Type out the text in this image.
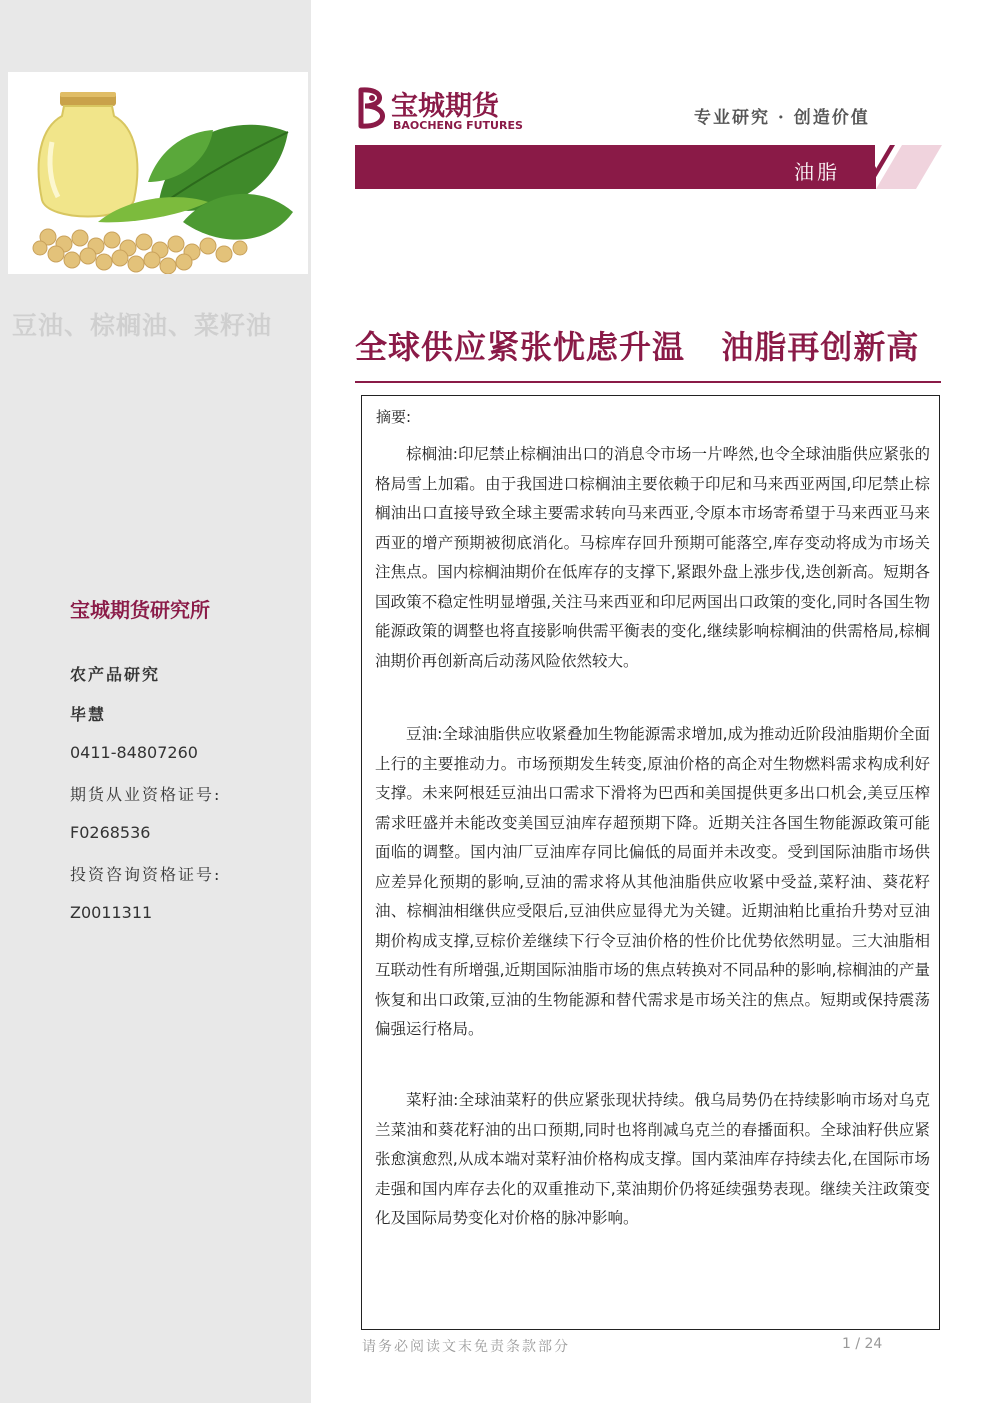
豆油、棕榈油、菜籽油
宝城期货研究所
农产品研究
毕慧
0411-84807260
期货从业资格证号:
F0268536
投资咨询资格证号:
Z0011311
宝城期货
BAOCHENG FUTURES	专业研究 · 创造价值
油脂
全球供应紧张忧虑升温   油脂再创新高
摘要:
棕榈油:印尼禁止棕榈油出口的消息令市场一片哗然,也令全球油脂供应紧张的格局雪上加霜。由于我国进口棕榈油主要依赖于印尼和马来西亚两国,印尼禁止棕榈油出口直接导致全球主要需求转向马来西亚,令原本市场寄希望于马来西亚马来西亚的增产预期被彻底消化。马棕库存回升预期可能落空,库存变动将成为市场关注焦点。国内棕榈油期价在低库存的支撑下,紧跟外盘上涨步伐,迭创新高。短期各国政策不稳定性明显增强,关注马来西亚和印尼两国出口政策的变化,同时各国生物能源政策的调整也将直接影响供需平衡表的变化,继续影响棕榈油的供需格局,棕榈油期价再创新高后动荡风险依然较大。
豆油:全球油脂供应收紧叠加生物能源需求增加,成为推动近阶段油脂期价全面上行的主要推动力。市场预期发生转变,原油价格的高企对生物燃料需求构成利好支撑。未来阿根廷豆油出口需求下滑将为巴西和美国提供更多出口机会,美豆压榨需求旺盛并未能改变美国豆油库存超预期下降。近期关注各国生物能源政策可能面临的调整。国内油厂豆油库存同比偏低的局面并未改变。受到国际油脂市场供应差异化预期的影响,豆油的需求将从其他油脂供应收紧中受益,菜籽油、葵花籽油、棕榈油相继供应受限后,豆油供应显得尤为关键。近期油粕比重抬升势对豆油期价构成支撑,豆棕价差继续下行令豆油价格的性价比优势依然明显。三大油脂相互联动性有所增强,近期国际油脂市场的焦点转换对不同品种的影响,棕榈油的产量恢复和出口政策,豆油的生物能源和替代需求是市场关注的焦点。短期或保持震荡偏强运行格局。
菜籽油:全球油菜籽的供应紧张现状持续。俄乌局势仍在持续影响市场对乌克兰菜油和葵花籽油的出口预期,同时也将削减乌克兰的春播面积。全球油籽供应紧张愈演愈烈,从成本端对菜籽油价格构成支撑。国内菜油库存持续去化,在国际市场走强和国内库存去化的双重推动下,菜油期价仍将延续强势表现。继续关注政策变化及国际局势变化对价格的脉冲影响。
请务必阅读文末免责条款部分	1 / 24
